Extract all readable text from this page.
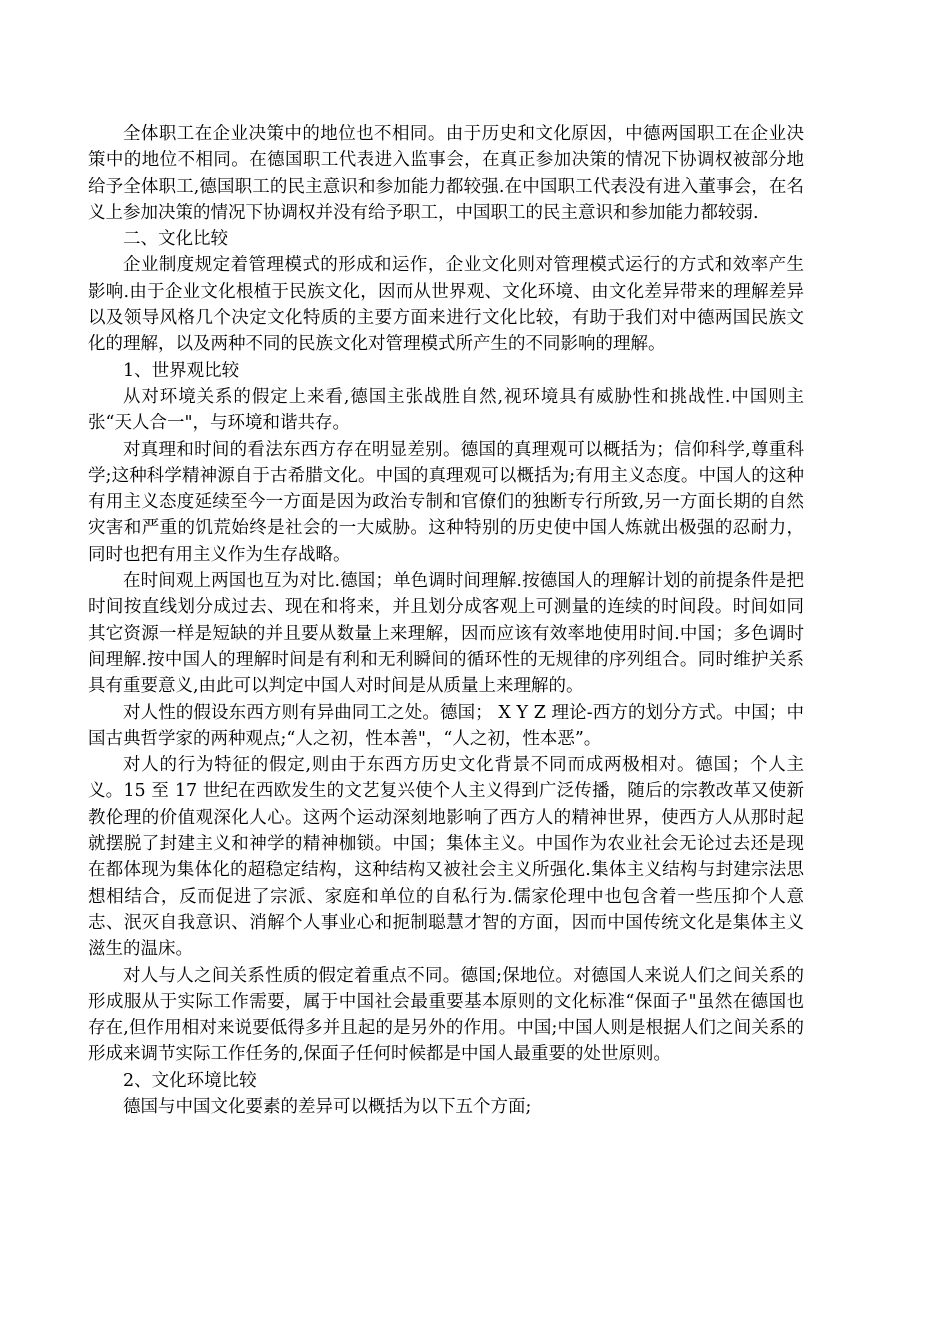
全体职工在企业决策中的地位也不相同。由于历史和文化原因，中德两国职工在企业决策中的地位不相同。在德国职工代表进入监事会，在真正参加决策的情况下协调权被部分地给予全体职工,德国职工的民主意识和参加能力都较强.在中国职工代表没有进入董事会，在名义上参加决策的情况下协调权并没有给予职工，中国职工的民主意识和参加能力都较弱.

二、文化比较

企业制度规定着管理模式的形成和运作，企业文化则对管理模式运行的方式和效率产生影响.由于企业文化根植于民族文化，因而从世界观、文化环境、由文化差异带来的理解差异以及领导风格几个决定文化特质的主要方面来进行文化比较，有助于我们对中德两国民族文化的理解，以及两种不同的民族文化对管理模式所产生的不同影响的理解。

1、世界观比较

从对环境关系的假定上来看,德国主张战胜自然,视环境具有威胁性和挑战性.中国则主张“天人合一"，与环境和谐共存。

对真理和时间的看法东西方存在明显差别。德国的真理观可以概括为；信仰科学,尊重科学;这种科学精神源自于古希腊文化。中国的真理观可以概括为;有用主义态度。中国人的这种有用主义态度延续至今一方面是因为政治专制和官僚们的独断专行所致,另一方面长期的自然灾害和严重的饥荒始终是社会的一大威胁。这种特别的历史使中国人炼就出极强的忍耐力，同时也把有用主义作为生存战略。

在时间观上两国也互为对比.德国；单色调时间理解.按德国人的理解计划的前提条件是把时间按直线划分成过去、现在和将来，并且划分成客观上可测量的连续的时间段。时间如同其它资源一样是短缺的并且要从数量上来理解，因而应该有效率地使用时间.中国；多色调时间理解.按中国人的理解时间是有利和无利瞬间的循环性的无规律的序列组合。同时维护关系具有重要意义,由此可以判定中国人对时间是从质量上来理解的。

对人性的假设东西方则有异曲同工之处。德国； X Y Z 理论-西方的划分方式。中国；中国古典哲学家的两种观点;“人之初，性本善"，“人之初，性本恶”。

对人的行为特征的假定,则由于东西方历史文化背景不同而成两极相对。德国；个人主义。15 至 17 世纪在西欧发生的文艺复兴使个人主义得到广泛传播，随后的宗教改革又使新教伦理的价值观深化人心。这两个运动深刻地影响了西方人的精神世界，使西方人从那时起就摆脱了封建主义和神学的精神枷锁。中国；集体主义。中国作为农业社会无论过去还是现在都体现为集体化的超稳定结构，这种结构又被社会主义所强化.集体主义结构与封建宗法思想相结合，反而促进了宗派、家庭和单位的自私行为.儒家伦理中也包含着一些压抑个人意志、泯灭自我意识、消解个人事业心和扼制聪慧才智的方面，因而中国传统文化是集体主义滋生的温床。

对人与人之间关系性质的假定着重点不同。德国;保地位。对德国人来说人们之间关系的形成服从于实际工作需要，属于中国社会最重要基本原则的文化标准“保面子"虽然在德国也存在,但作用相对来说要低得多并且起的是另外的作用。中国;中国人则是根据人们之间关系的形成来调节实际工作任务的,保面子任何时候都是中国人最重要的处世原则。

2、文化环境比较

德国与中国文化要素的差异可以概括为以下五个方面;
